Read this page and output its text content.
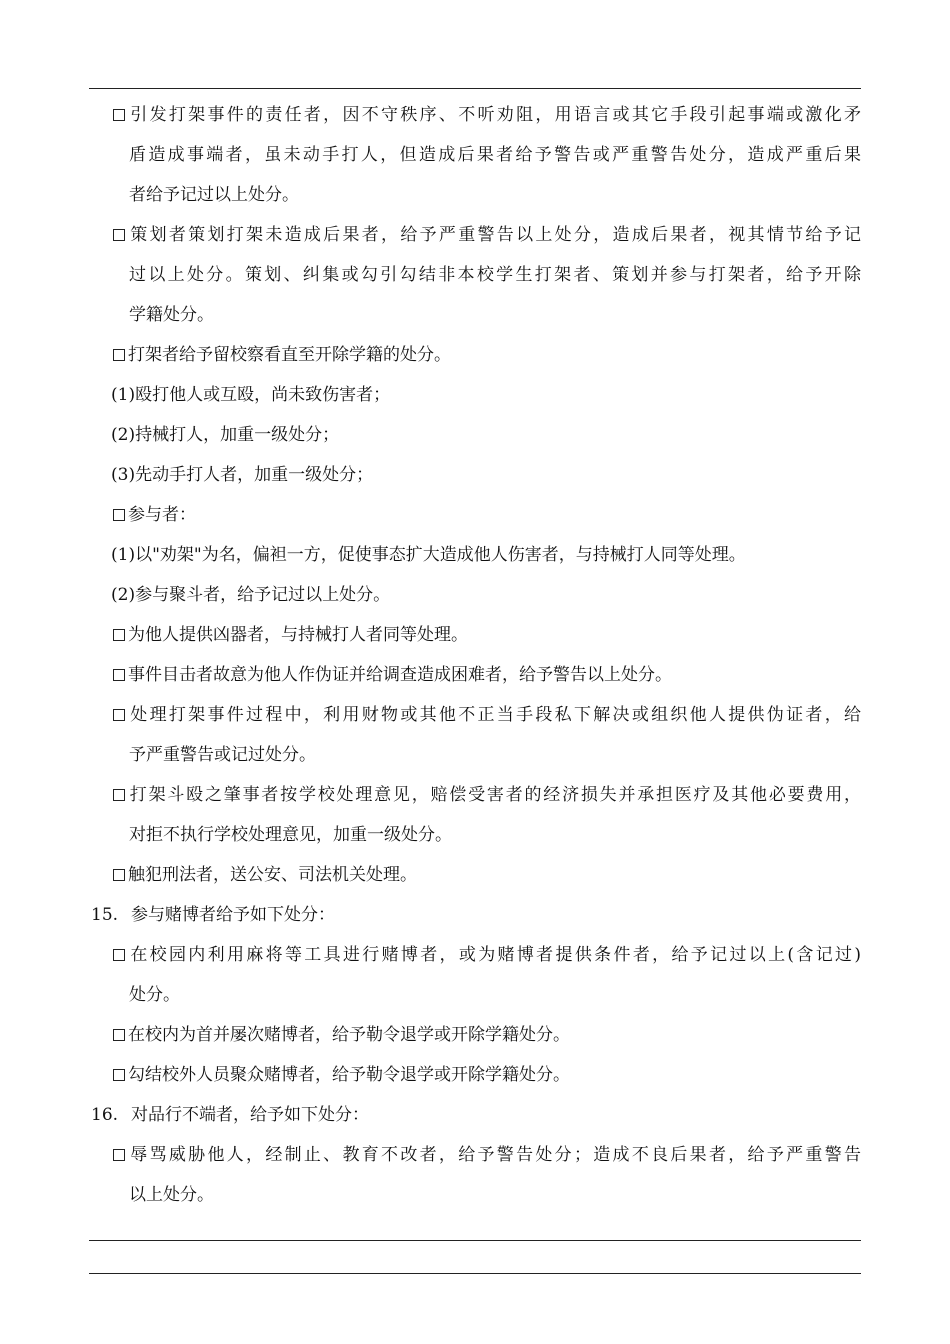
引发打架事件的责任者，因不守秩序、不听劝阻，用语言或其它手段引起事端或激化矛
盾造成事端者，虽未动手打人，但造成后果者给予警告或严重警告处分，造成严重后果
者给予记过以上处分。
策划者策划打架未造成后果者，给予严重警告以上处分，造成后果者，视其情节给予记
过以上处分。策划、纠集或勾引勾结非本校学生打架者、策划并参与打架者，给予开除
学籍处分。
打架者给予留校察看直至开除学籍的处分。
(1)殴打他人或互殴，尚未致伤害者；
(2)持械打人，加重一级处分；
(3)先动手打人者，加重一级处分；
参与者：
(1)以"劝架"为名，偏袒一方，促使事态扩大造成他人伤害者，与持械打人同等处理。
(2)参与聚斗者，给予记过以上处分。
为他人提供凶器者，与持械打人者同等处理。
事件目击者故意为他人作伪证并给调查造成困难者，给予警告以上处分。
处理打架事件过程中，利用财物或其他不正当手段私下解决或组织他人提供伪证者，给
予严重警告或记过处分。
打架斗殴之肇事者按学校处理意见，赔偿受害者的经济损失并承担医疗及其他必要费用，
对拒不执行学校处理意见，加重一级处分。
触犯刑法者，送公安、司法机关处理。
15. 参与赌博者给予如下处分：
在校园内利用麻将等工具进行赌博者，或为赌博者提供条件者，给予记过以上(含记过)
处分。
在校内为首并屡次赌博者，给予勒令退学或开除学籍处分。
勾结校外人员聚众赌博者，给予勒令退学或开除学籍处分。
16. 对品行不端者，给予如下处分：
辱骂威胁他人，经制止、教育不改者，给予警告处分；造成不良后果者，给予严重警告
以上处分。
